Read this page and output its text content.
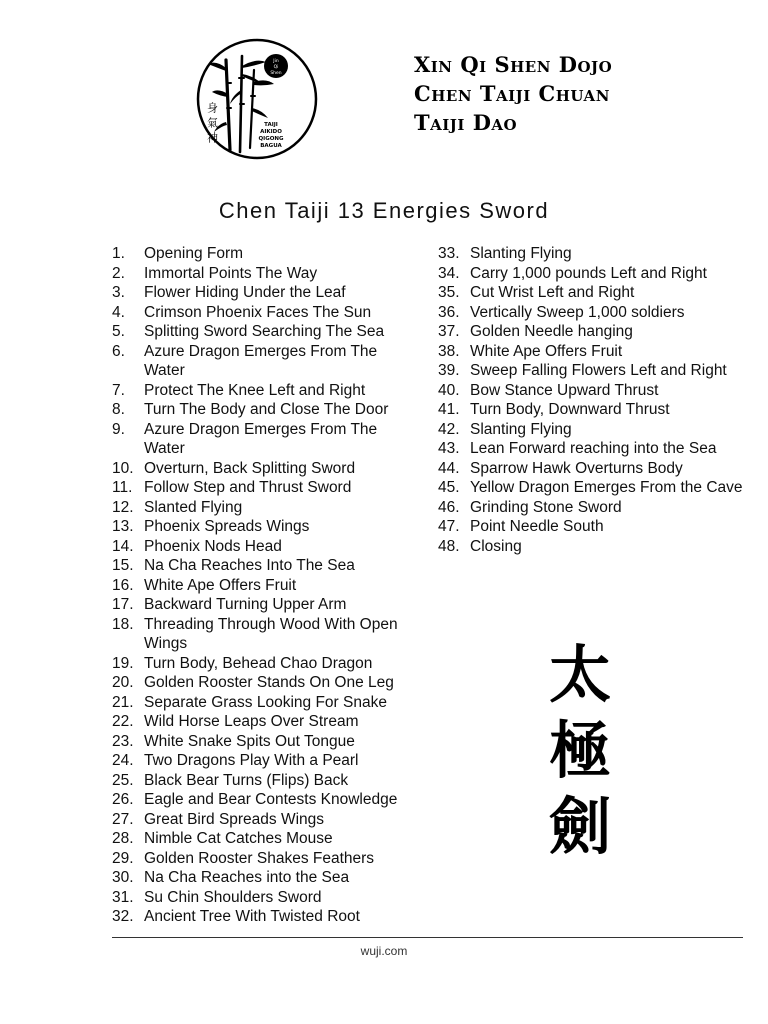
Jin
Qi
Shen
身氣神	TAIJI
AIKIDO
QIGONG
BAGUA
Xin Qi Shen Dojo
Chen Taiji Chuan
Taiji Dao
Chen Taiji 13 Energies Sword
1.	Opening Form
2.	Immortal Points The Way
3.	Flower Hiding Under the Leaf
4.	Crimson Phoenix Faces The Sun
5.	Splitting Sword Searching The Sea
6.	Azure Dragon Emerges From The Water
7.	Protect The Knee Left and Right
8.	Turn The Body and Close The Door
9.	Azure Dragon Emerges From The Water
10. Overturn, Back Splitting Sword
11. Follow Step and Thrust Sword
12. Slanted Flying
13. Phoenix Spreads Wings
14. Phoenix Nods Head
15. Na Cha Reaches Into The Sea
16. White Ape Offers Fruit
17. Backward Turning Upper Arm
18. Threading Through Wood With Open Wings
19. Turn Body, Behead Chao Dragon
20. Golden Rooster Stands On One Leg
21. Separate Grass Looking For Snake
22. Wild Horse Leaps Over Stream
23. White Snake Spits Out Tongue
24. Two Dragons Play With a Pearl
25. Black Bear Turns (Flips) Back
26. Eagle and Bear Contests Knowledge
27. Great Bird Spreads Wings
28. Nimble Cat Catches Mouse
29. Golden Rooster Shakes Feathers
30. Na Cha Reaches into the Sea
31. Su Chin Shoulders Sword
32. Ancient Tree With Twisted Root
33. Slanting Flying
34. Carry 1,000 pounds Left and Right
35. Cut Wrist Left and Right
36. Vertically Sweep 1,000 soldiers
37. Golden Needle hanging
38. White Ape Offers Fruit
39. Sweep Falling Flowers Left and Right
40. Bow Stance Upward Thrust
41. Turn Body, Downward Thrust
42. Slanting Flying
43. Lean Forward reaching into the Sea
44. Sparrow Hawk Overturns Body
45. Yellow Dragon Emerges From the Cave
46. Grinding Stone Sword
47. Point Needle South
48. Closing
太
極
劍
wuji.com
